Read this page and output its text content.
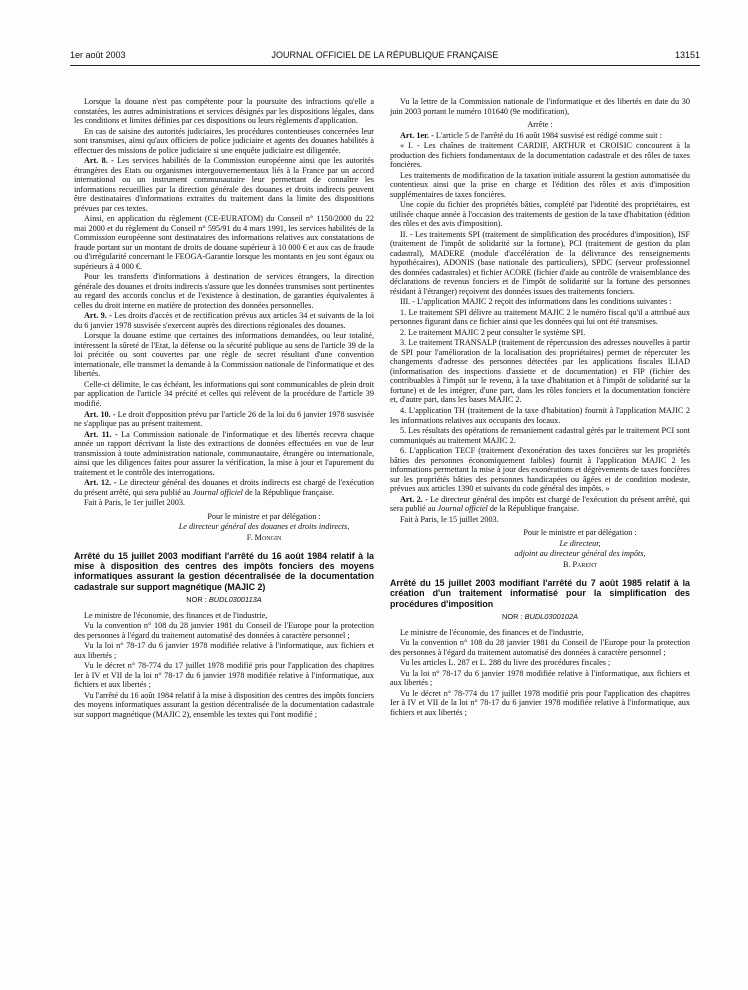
1er août 2003	JOURNAL OFFICIEL DE LA RÉPUBLIQUE FRANÇAISE	13151

Lorsque la douane n'est pas compétente pour la poursuite des infractions qu'elle a constatées, les autres administrations et services désignés par les dispositions légales, dans les conditions et limites définies par ces dispositions ou leurs règlements d'application.

En cas de saisine des autorités judiciaires, les procédures contentieuses concernées leur sont transmises, ainsi qu'aux officiers de police judiciaire et agents des douanes habilités à effectuer des missions de police judiciaire si une enquête judiciaire est diligentée.

Art. 8. - Les services habilités de la Commission européenne ainsi que les autorités étrangères des Etats ou organismes intergouvernementaux liés à la France par un accord international ou un instrument communautaire leur permettant de connaître les informations recueillies par la direction générale des douanes et droits indirects peuvent être destinataires d'informations extraites du traitement dans la limite des dispositions prévues par ces textes.

Ainsi, en application du règlement (CE-EURATOM) du Conseil n° 1150/2000 du 22 mai 2000 et du règlement du Conseil n° 595/91 du 4 mars 1991, les services habilités de la Commission européenne sont destinataires des informations relatives aux constatations de fraude portant sur un montant de droits de douane supérieur à 10 000 € et aux cas de fraude ou d'irrégularité concernant le FEOGA-Garantie lorsque les montants en jeu sont égaux ou supérieurs à 4 000 €.

Pour les transferts d'informations à destination de services étrangers, la direction générale des douanes et droits indirects s'assure que les données transmises sont pertinentes au regard des accords conclus et de l'existence à destination, de garanties équivalentes à celles du droit interne en matière de protection des données personnelles.

Art. 9. - Les droits d'accès et de rectification prévus aux articles 34 et suivants de la loi du 6 janvier 1978 susvisée s'exercent auprès des directions régionales des douanes.

Lorsque la douane estime que certaines des informations demandées, ou leur totalité, intéressent la sûreté de l'Etat, la défense ou la sécurité publique au sens de l'article 39 de la loi précitée ou sont couvertes par une règle de secret résultant d'une convention internationale, elle transmet la demande à la Commission nationale de l'informatique et des libertés.

Celle-ci délimite, le cas échéant, les informations qui sont communicables de plein droit par application de l'article 34 précité et celles qui relèvent de la procédure de l'article 39 modifié.

Art. 10. - Le droit d'opposition prévu par l'article 26 de la loi du 6 janvier 1978 susvisée ne s'applique pas au présent traitement.

Art. 11. - La Commission nationale de l'informatique et des libertés recevra chaque année un rapport décrivant la liste des extractions de données effectuées en vue de leur transmission à toute administration nationale, communautaire, étrangère ou internationale, ainsi que les diligences faites pour assurer la vérification, la mise à jour et l'apurement du traitement et le contrôle des interrogations.

Art. 12. - Le directeur général des douanes et droits indirects est chargé de l'exécution du présent arrêté, qui sera publié au Journal officiel de la République française.

Fait à Paris, le 1er juillet 2003.

Pour le ministre et par délégation :

Le directeur général des douanes et droits indirects,

F. Mongin

Arrêté du 15 juillet 2003 modifiant l'arrêté du 16 août 1984 relatif à la mise à disposition des centres des impôts fonciers des moyens informatiques assurant la gestion décentralisée de la documentation cadastrale sur support magnétique (MAJIC 2)
NOR : BUDL0300113A

Le ministre de l'économie, des finances et de l'industrie,

Vu la convention n° 108 du 28 janvier 1981 du Conseil de l'Europe pour la protection des personnes à l'égard du traitement automatisé des données à caractère personnel ;

Vu la loi n° 78-17 du 6 janvier 1978 modifiée relative à l'informatique, aux fichiers et aux libertés ;

Vu le décret n° 78-774 du 17 juillet 1978 modifié pris pour l'application des chapitres Ier à IV et VII de la loi n° 78-17 du 6 janvier 1978 modifiée relative à l'informatique, aux fichiers et aux libertés ;

Vu l'arrêté du 16 août 1984 relatif à la mise à disposition des centres des impôts fonciers des moyens informatiques assurant la gestion décentralisée de la documentation cadastrale sur support magnétique (MAJIC 2), ensemble les textes qui l'ont modifié ;

Vu la lettre de la Commission nationale de l'informatique et des libertés en date du 30 juin 2003 portant le numéro 101640 (9e modification),

Arrête :

Art. 1er. - L'article 5 de l'arrêté du 16 août 1984 susvisé est rédigé comme suit :

« I. - Les chaînes de traitement CARDIF, ARTHUR et CROISIC concourent à la production des fichiers fondamentaux de la documentation cadastrale et des rôles de taxes foncières.

Les traitements de modification de la taxation initiale assurent la gestion automatisée du contentieux ainsi que la prise en charge et l'édition des rôles et avis d'imposition supplémentaires de taxes foncières.

Une copie du fichier des propriétés bâties, complété par l'identité des propriétaires, est utilisée chaque année à l'occasion des traitements de gestion de la taxe d'habitation (édition des rôles et des avis d'imposition).

II. - Les traitements SPI (traitement de simplification des procédures d'imposition), ISF (traitement de l'impôt de solidarité sur la fortune), PCI (traitement de gestion du plan cadastral), MADERE (module d'accélération de la délivrance des renseignements hypothécaires), ADONIS (base nationale des particuliers), SPDC (serveur professionnel des données cadastrales) et fichier ACORE (fichier d'aide au contrôle de vraisemblance des déclarations de revenus fonciers et de l'impôt de solidarité sur la fortune des personnes résidant à l'étranger) reçoivent des données issues des traitements fonciers.

III. - L'application MAJIC 2 reçoit des informations dans les conditions suivantes :

1. Le traitement SPI délivre au traitement MAJIC 2 le numéro fiscal qu'il a attribué aux personnes figurant dans ce fichier ainsi que les données qui lui ont été transmises.

2. Le traitement MAJIC 2 peut consulter le système SPI.

3. Le traitement TRANSALP (traitement de répercussion des adresses nouvelles à partir de SPI pour l'amélioration de la localisation des propriétaires) permet de répercuter les changements d'adresse des personnes détectées par les applications fiscales ILIAD (informatisation des inspections d'assiette et de documentation) et FIP (fichier des contribuables à l'impôt sur le revenu, à la taxe d'habitation et à l'impôt de solidarité sur la fortune) et de les intégrer, d'une part, dans les rôles fonciers et la documentation foncière et, d'autre part, dans les bases MAJIC 2.

4. L'application TH (traitement de la taxe d'habitation) fournit à l'application MAJIC 2 les informations relatives aux occupants des locaux.

5. Les résultats des opérations de remaniement cadastral gérés par le traitement PCI sont communiqués au traitement MAJIC 2.

6. L'application TECF (traitement d'exonération des taxes foncières sur les propriétés bâties des personnes économiquement faibles) fournit à l'application MAJIC 2 les informations permettant la mise à jour des exonérations et dégrèvements de taxes foncières sur les propriétés bâties des personnes handicapées ou âgées et de condition modeste, prévues aux articles 1390 et suivants du code général des impôts. »

Art. 2. - Le directeur général des impôts est chargé de l'exécution du présent arrêté, qui sera publié au Journal officiel de la République française.

Fait à Paris, le 15 juillet 2003.

Pour le ministre et par délégation :

Le directeur,

adjoint au directeur général des impôts,

B. Parent

Arrêté du 15 juillet 2003 modifiant l'arrêté du 7 août 1985 relatif à la création d'un traitement informatisé pour la simplification des procédures d'imposition
NOR : BUDL0300102A

Le ministre de l'économie, des finances et de l'industrie,

Vu la convention n° 108 du 28 janvier 1981 du Conseil de l'Europe pour la protection des personnes à l'égard du traitement automatisé des données à caractère personnel ;

Vu les articles L. 287 et L. 288 du livre des procédures fiscales ;

Vu la loi n° 78-17 du 6 janvier 1978 modifiée relative à l'informatique, aux fichiers et aux libertés ;

Vu le décret n° 78-774 du 17 juillet 1978 modifié pris pour l'application des chapitres Ier à IV et VII de la loi n° 78-17 du 6 janvier 1978 modifiée relative à l'informatique, aux fichiers et aux libertés ;
